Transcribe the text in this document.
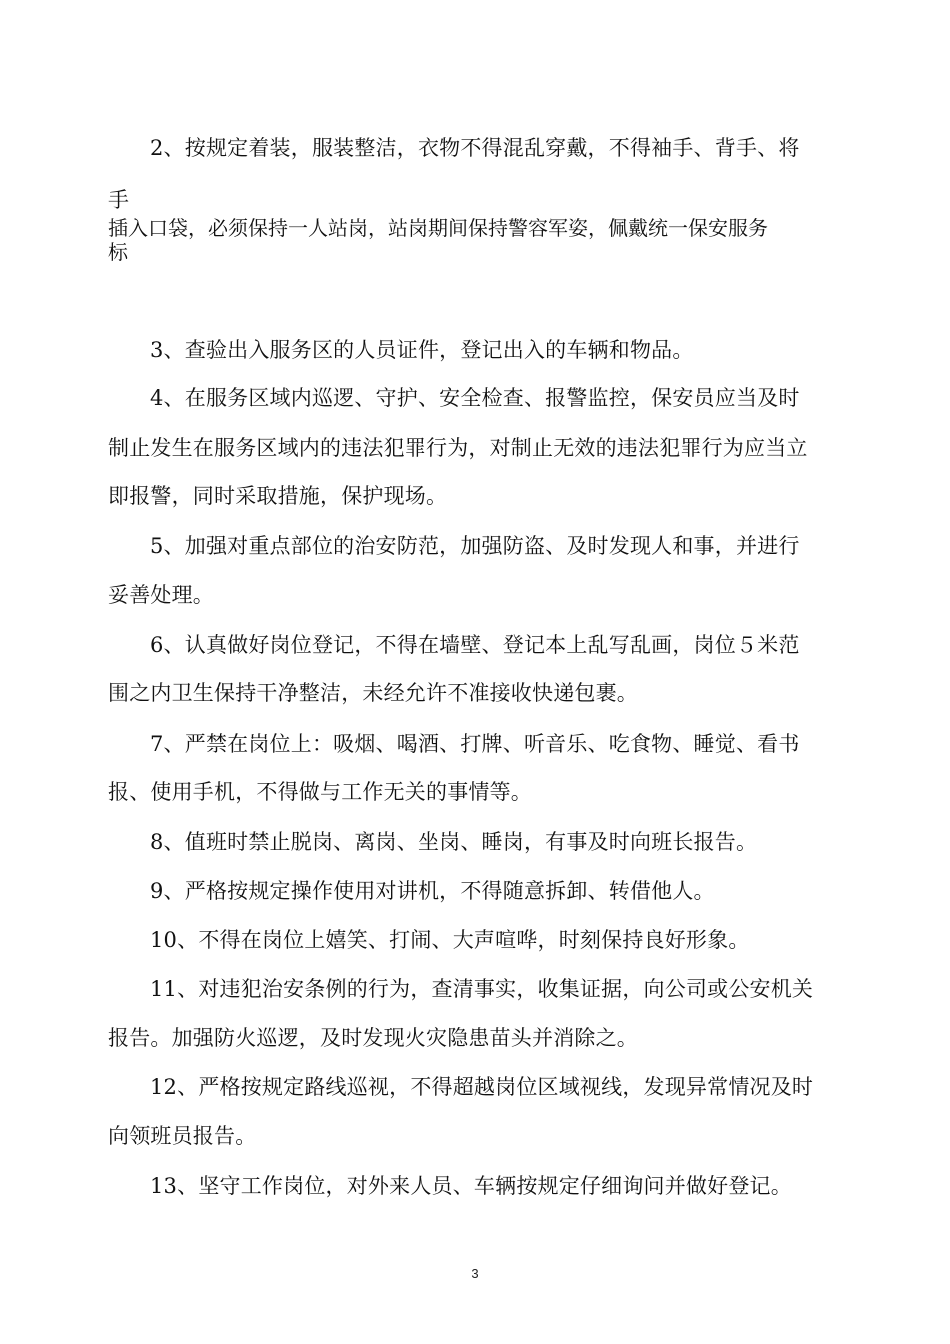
2、按规定着装，服装整洁，衣物不得混乱穿戴，不得袖手、背手、将
手
插入口袋，必须保持一人站岗，站岗期间保持警容军姿，佩戴统一保安服务
标
3、查验出入服务区的人员证件，登记出入的车辆和物品。
4、在服务区域内巡逻、守护、安全检查、报警监控，保安员应当及时
制止发生在服务区域内的违法犯罪行为，对制止无效的违法犯罪行为应当立
即报警，同时采取措施，保护现场。
5、加强对重点部位的治安防范，加强防盗、及时发现人和事，并进行
妥善处理。
6、认真做好岗位登记，不得在墙壁、登记本上乱写乱画，岗位５米范
围之内卫生保持干净整洁，未经允许不准接收快递包裹。
7、严禁在岗位上：吸烟、喝酒、打牌、听音乐、吃食物、睡觉、看书
报、使用手机，不得做与工作无关的事情等。
8、值班时禁止脱岗、离岗、坐岗、睡岗，有事及时向班长报告。
9、严格按规定操作使用对讲机，不得随意拆卸、转借他人。
10、不得在岗位上嬉笑、打闹、大声喧哗，时刻保持良好形象。
11、对违犯治安条例的行为，查清事实，收集证据，向公司或公安机关
报告。加强防火巡逻，及时发现火灾隐患苗头并消除之。
12、严格按规定路线巡视，不得超越岗位区域视线，发现异常情况及时
向领班员报告。
13、坚守工作岗位，对外来人员、车辆按规定仔细询问并做好登记。
3
